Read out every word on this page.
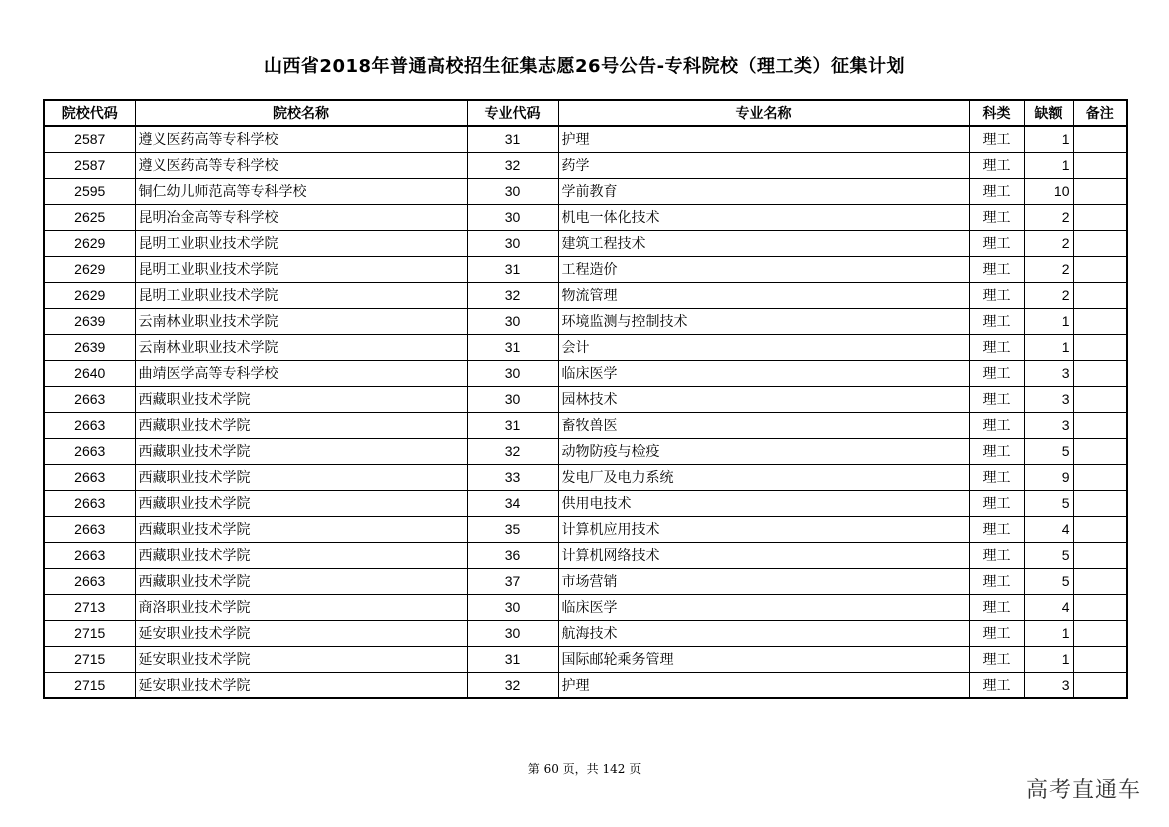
山西省2018年普通高校招生征集志愿26号公告-专科院校（理工类）征集计划
院校代码	院校名称	专业代码	专业名称	科类	缺额	备注
2587	遵义医药高等专科学校	31	护理	理工	1	
2587	遵义医药高等专科学校	32	药学	理工	1	
2595	铜仁幼儿师范高等专科学校	30	学前教育	理工	10	
2625	昆明冶金高等专科学校	30	机电一体化技术	理工	2	
2629	昆明工业职业技术学院	30	建筑工程技术	理工	2	
2629	昆明工业职业技术学院	31	工程造价	理工	2	
2629	昆明工业职业技术学院	32	物流管理	理工	2	
2639	云南林业职业技术学院	30	环境监测与控制技术	理工	1	
2639	云南林业职业技术学院	31	会计	理工	1	
2640	曲靖医学高等专科学校	30	临床医学	理工	3	
2663	西藏职业技术学院	30	园林技术	理工	3	
2663	西藏职业技术学院	31	畜牧兽医	理工	3	
2663	西藏职业技术学院	32	动物防疫与检疫	理工	5	
2663	西藏职业技术学院	33	发电厂及电力系统	理工	9	
2663	西藏职业技术学院	34	供用电技术	理工	5	
2663	西藏职业技术学院	35	计算机应用技术	理工	4	
2663	西藏职业技术学院	36	计算机网络技术	理工	5	
2663	西藏职业技术学院	37	市场营销	理工	5	
2713	商洛职业技术学院	30	临床医学	理工	4	
2715	延安职业技术学院	30	航海技术	理工	1	
2715	延安职业技术学院	31	国际邮轮乘务管理	理工	1	
2715	延安职业技术学院	32	护理	理工	3	
第 60 页，共 142 页
高考直通车
